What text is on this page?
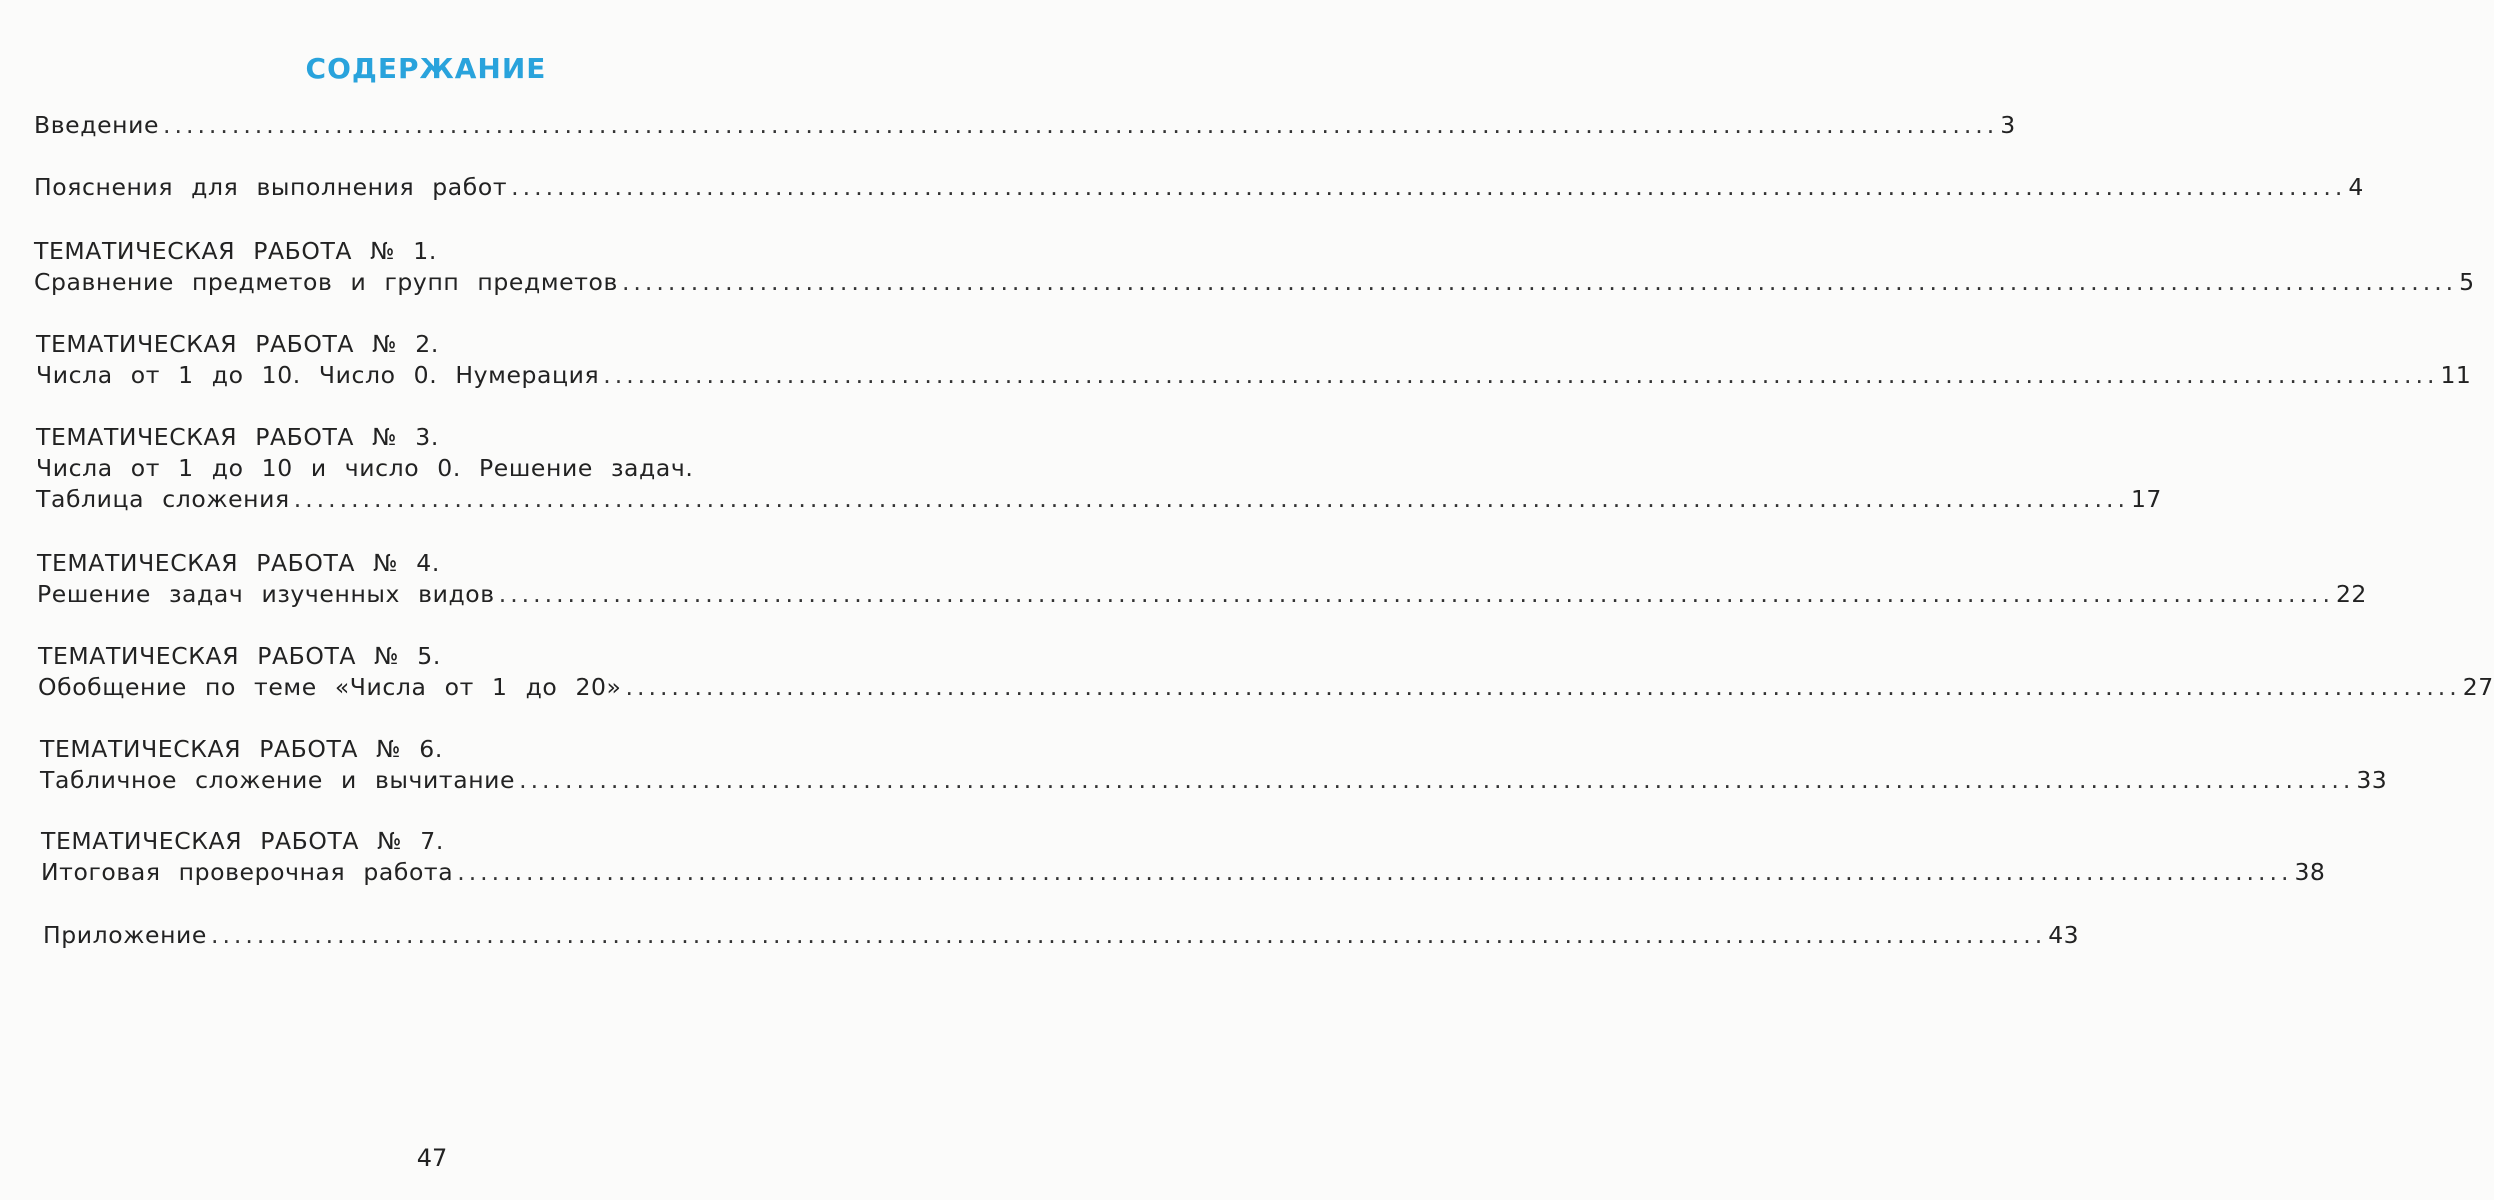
СОДЕРЖАНИЕ
Введение ................................................................................................................................................................ 3
Пояснения для выполнения работ ................................................................................................................................................................ 4
ТЕМАТИЧЕСКАЯ РАБОТА № 1.
Сравнение предметов и групп предметов ................................................................................................................................................................ 5
ТЕМАТИЧЕСКАЯ РАБОТА № 2.
Числа от 1 до 10. Число 0. Нумерация ................................................................................................................................................................ 11
ТЕМАТИЧЕСКАЯ РАБОТА № 3.
Числа от 1 до 10 и число 0. Решение задач.
Таблица сложения ................................................................................................................................................................ 17
ТЕМАТИЧЕСКАЯ РАБОТА № 4.
Решение задач изученных видов ................................................................................................................................................................ 22
ТЕМАТИЧЕСКАЯ РАБОТА № 5.
Обобщение по теме «Числа от 1 до 20» ................................................................................................................................................................ 27
ТЕМАТИЧЕСКАЯ РАБОТА № 6.
Табличное сложение и вычитание ................................................................................................................................................................ 33
ТЕМАТИЧЕСКАЯ РАБОТА № 7.
Итоговая проверочная работа ................................................................................................................................................................ 38
Приложение ................................................................................................................................................................ 43
47
